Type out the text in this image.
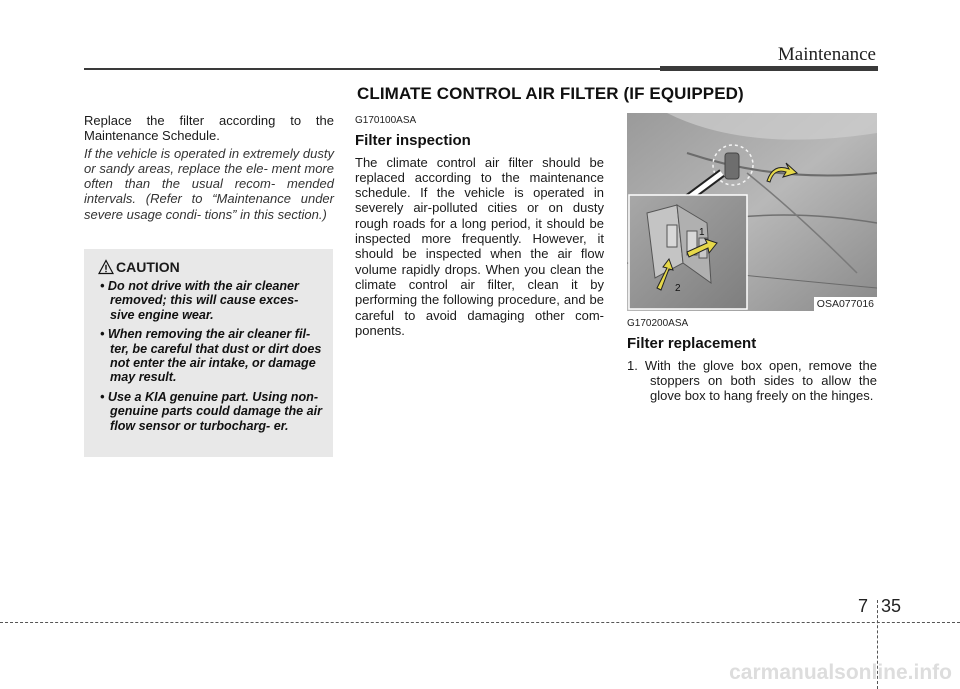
Maintenance
CLIMATE CONTROL AIR FILTER (IF EQUIPPED)

Replace the filter according to the Maintenance Schedule.

If the vehicle is operated in extremely dusty or sandy areas, replace the ele- ment more often than the usual recom- mended intervals. (Refer to “Maintenance under severe usage condi- tions” in this section.)

CAUTION

• Do not drive with the air cleaner removed; this will cause exces- sive engine wear.

• When removing the air cleaner fil- ter, be careful that dust or dirt does not enter the air intake, or damage may result.

• Use a KIA genuine part. Using non-genuine parts could damage the air flow sensor or turbocharg- er.

G170100ASA

Filter inspection

The climate control air filter should be replaced according to the maintenance schedule. If the vehicle is operated in severely air-polluted cities or on dusty rough roads for a long period, it should be inspected more frequently. However, it should be inspected when the air flow volume rapidly drops. When you clean the climate control air filter, clean it by performing the following procedure, and be careful to avoid damaging other com- ponents.

1
2
OSA077016

G170200ASA

Filter replacement

1. With the glove box open, remove the stoppers on both sides to allow the glove box to hang freely on the hinges.

7 35
carmanualsonline.info
